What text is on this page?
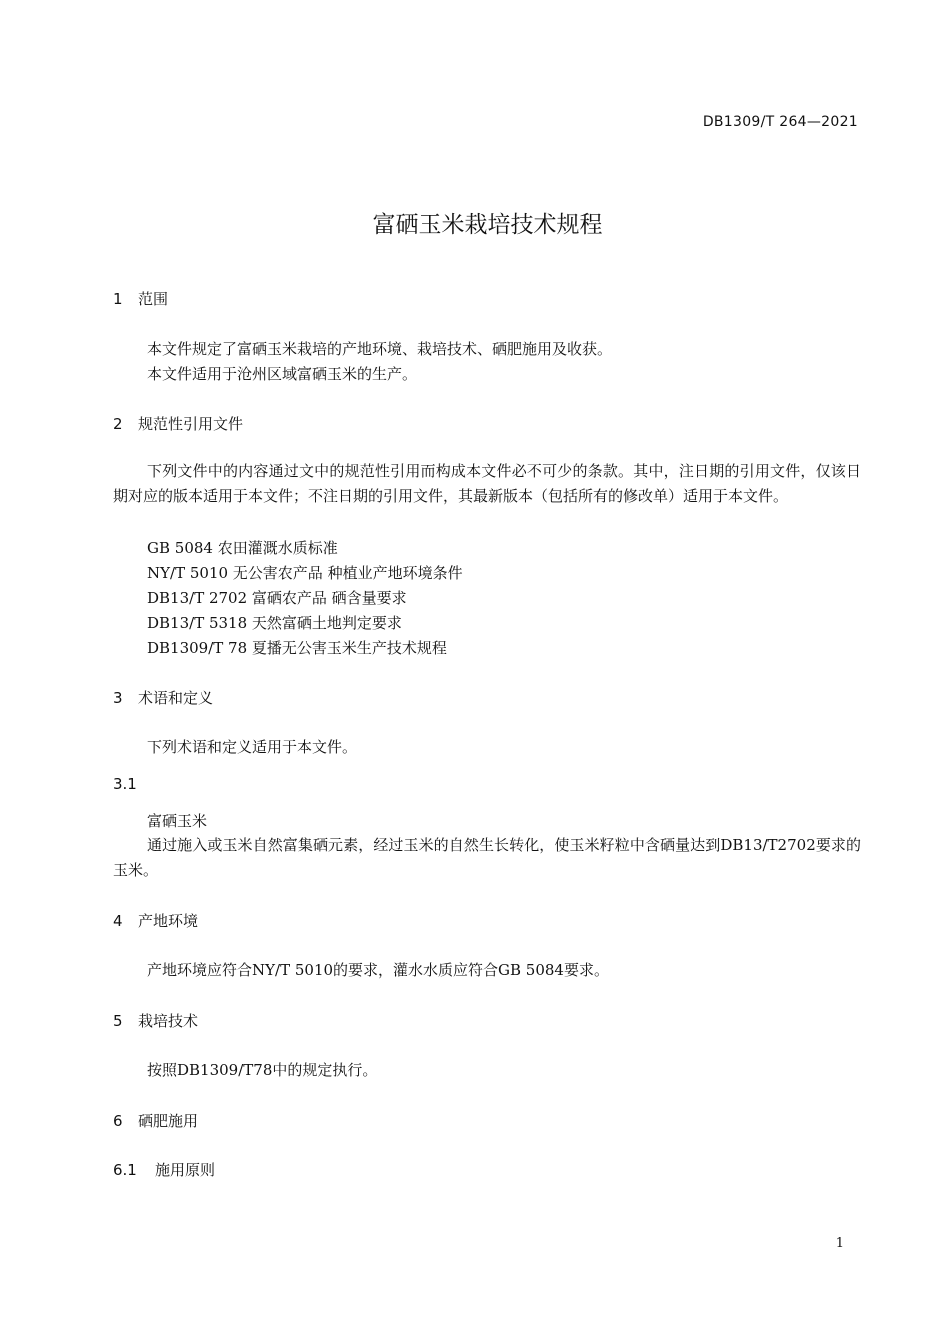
DB1309/T 264—2021
富硒玉米栽培技术规程
1 范围
本文件规定了富硒玉米栽培的产地环境、栽培技术、硒肥施用及收获。
本文件适用于沧州区域富硒玉米的生产。
2 规范性引用文件
下列文件中的内容通过文中的规范性引用而构成本文件必不可少的条款。其中，注日期的引用文件，仅该日期对应的版本适用于本文件；不注日期的引用文件，其最新版本（包括所有的修改单）适用于本文件。
GB 5084 农田灌溉水质标准
NY/T 5010 无公害农产品 种植业产地环境条件
DB13/T 2702 富硒农产品 硒含量要求
DB13/T 5318 天然富硒土地判定要求
DB1309/T 78 夏播无公害玉米生产技术规程
3 术语和定义
下列术语和定义适用于本文件。
3.1
富硒玉米
通过施入或玉米自然富集硒元素，经过玉米的自然生长转化，使玉米籽粒中含硒量达到DB13/T2702要求的玉米。
4 产地环境
产地环境应符合NY/T 5010的要求，灌水水质应符合GB 5084要求。
5 栽培技术
按照DB1309/T78中的规定执行。
6 硒肥施用
6.1 施用原则
1
